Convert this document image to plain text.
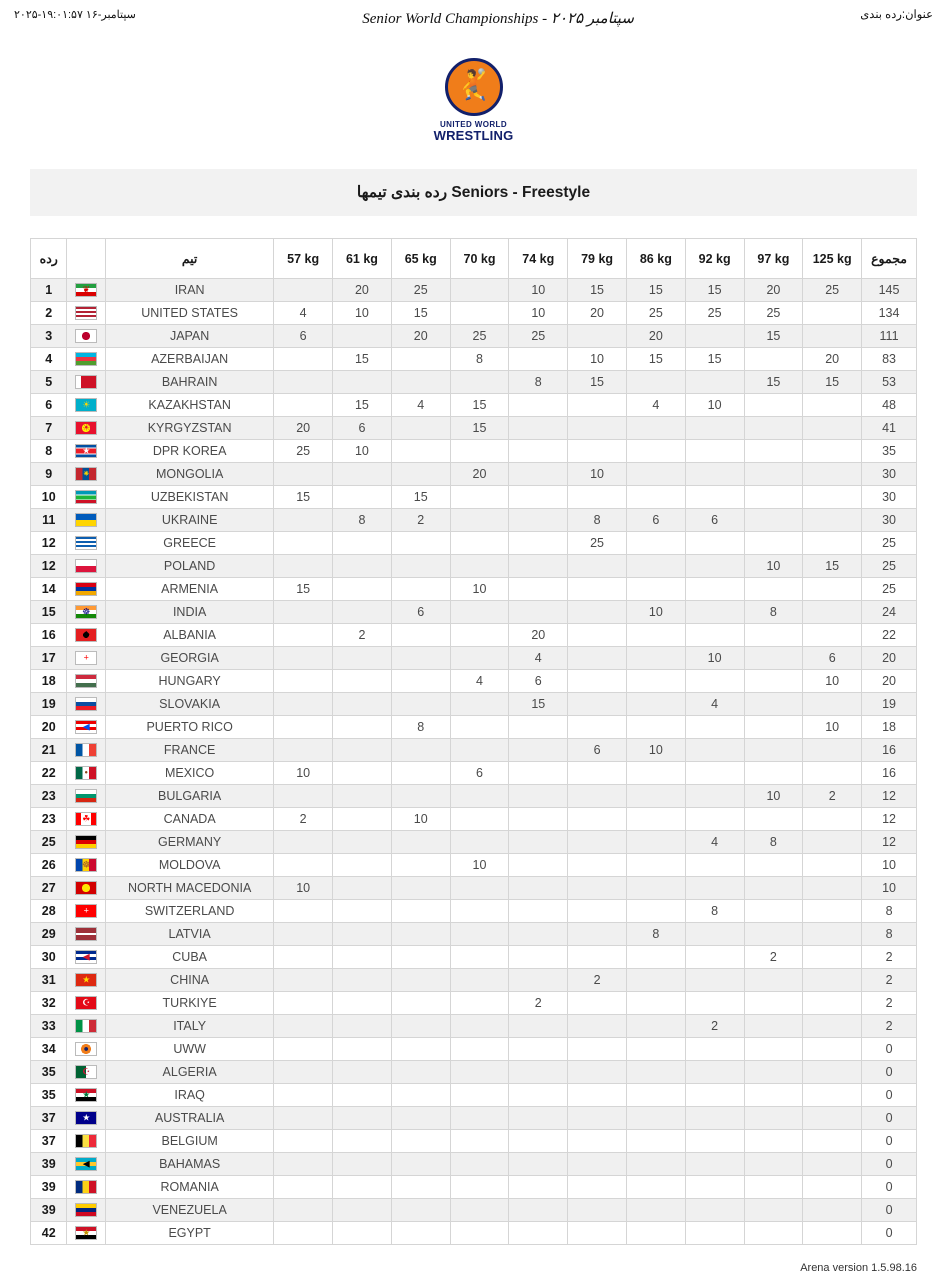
۲۰۲۵-۱۹:۰۱:۵۷ ۱۶-سپتامبر	Senior World Championships - ۲۰۲۵ سپتامبر	عنوان:رده بندی
🤾
UNITED WORLD
WRESTLING
رده بندی تیمها Seniors - Freestyle
رده		تیم	57 kg	61 kg	65 kg	70 kg	74 kg	79 kg	86 kg	92 kg	97 kg	125 kg	مجموع
1	❦	IRAN		20	25		10	15	15	15	20	25	145
2		UNITED STATES	4	10	15		10	20	25	25	25		134
3		JAPAN	6		20	25	25		20		15		111
4		AZERBAIJAN		15		8		10	15	15		20	83
5		BAHRAIN					8	15			15	15	53
6	☀	KAZAKHSTAN		15	4	15			4	10			48
7	☀	KYRGYZSTAN	20	6		15							41
8	★	DPR KOREA	25	10									35
9	⁕	MONGOLIA				20		10					30
10		UZBEKISTAN	15		15								30
11		UKRAINE		8	2			8	6	6			30
12		GREECE						25					25
12		POLAND									10	15	25
14		ARMENIA	15			10							25
15	☸	INDIA			6				10		8		24
16	❖	ALBANIA		2			20						22
17	+	GEORGIA					4			10		6	20
18		HUNGARY				4	6					10	20
19		SLOVAKIA					15			4			19
20	◀	PUERTO RICO			8							10	18
21		FRANCE						6	10				16
22	•	MEXICO	10			6							16
23		BULGARIA									10	2	12
23	☘	CANADA	2		10								12
25		GERMANY								4	8		12
26	☸	MOLDOVA				10							10
27		NORTH MACEDONIA	10										10
28	+	SWITZERLAND								8			8
29		LATVIA							8				8
30	◀	CUBA									2		2
31	★	CHINA						2					2
32	☪	TURKIYE					2						2
33		ITALY								2			2
34	●	UWW											0
35	☪	ALGERIA											0
35	★	IRAQ											0
37	★	AUSTRALIA											0
37		BELGIUM											0
39	◀	BAHAMAS											0
39		ROMANIA											0
39		VENEZUELA											0
42	★	EGYPT											0
Arena version 1.5.98.16
